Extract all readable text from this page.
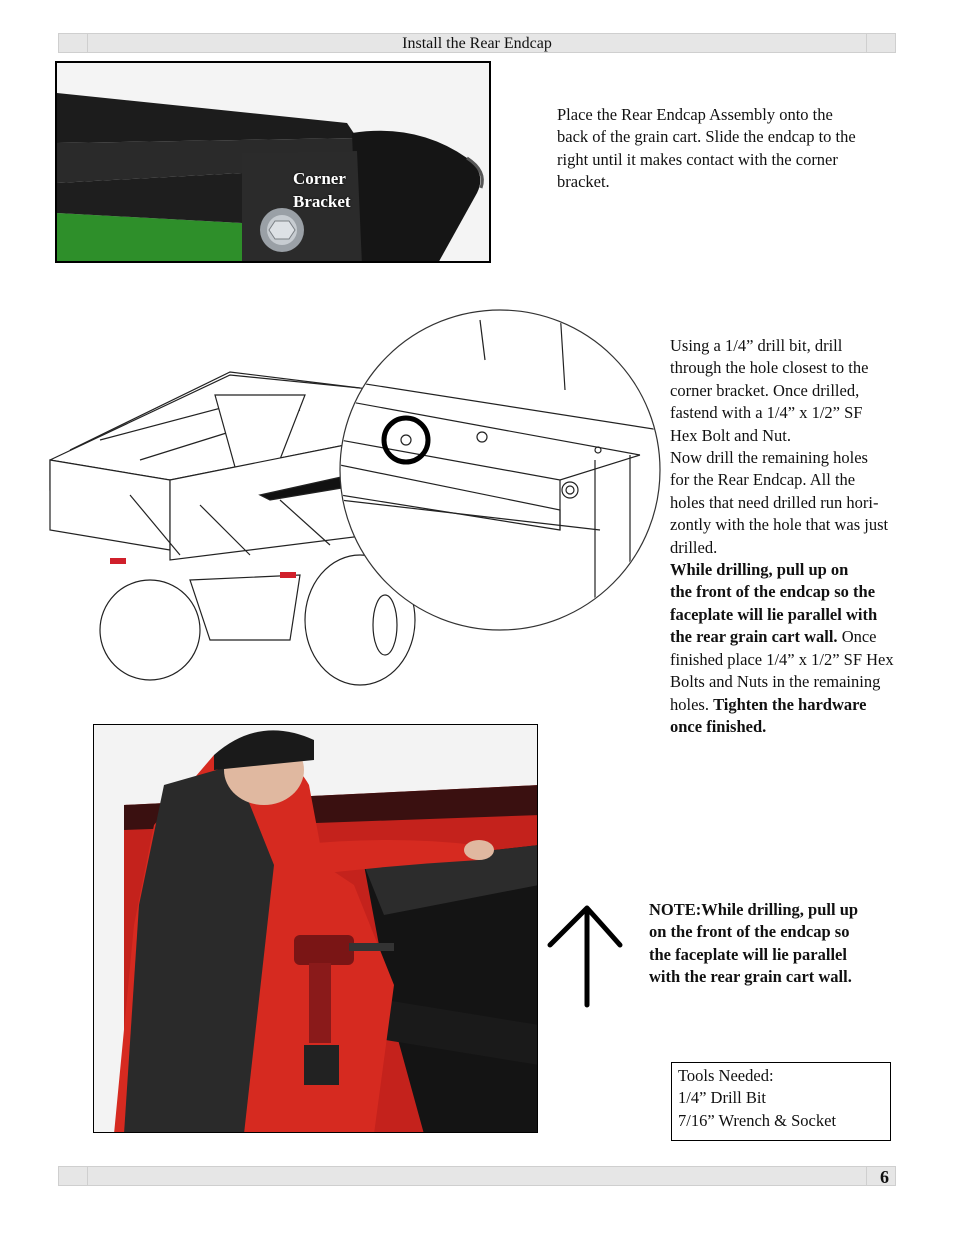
Install the Rear Endcap
Corner
Bracket
Place the Rear Endcap Assembly onto the back of the grain cart. Slide the endcap to the right until it makes contact with the corner bracket.
Using a 1/4” drill bit, drill
through the hole closest to the
corner bracket. Once drilled,
fastend with a 1/4” x 1/2” SF
Hex Bolt and Nut.
Now drill the remaining holes
for the Rear Endcap. All the
holes that need drilled run hori-
zontly with the hole that was just
drilled.
While drilling, pull up on
the front of the endcap so the
faceplate will lie parallel with
the rear grain cart wall. Once
finished place 1/4” x 1/2” SF Hex
Bolts and Nuts in the remaining
holes. Tighten the hardware
once finished.
NOTE:While drilling, pull up
on the front of the endcap so
the faceplate will lie parallel
with the rear grain cart wall.
Tools Needed:
1/4” Drill Bit
7/16” Wrench & Socket
6
